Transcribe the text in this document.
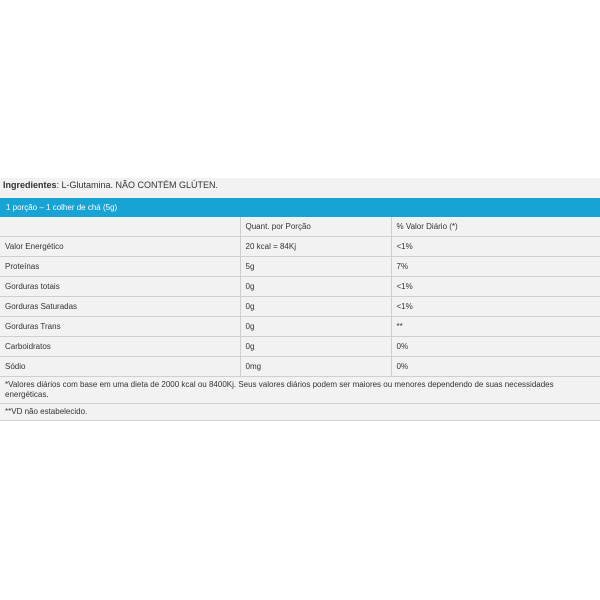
Ingredientes: L-Glutamina. NÃO CONTÉM GLÚTEN.
1 porção – 1 colher de chá (5g)
	Quant. por Porção	% Valor Diário (*)
Valor Energético	20 kcal = 84Kj	<1%
Proteínas	5g	7%
Gorduras totais	0g	<1%
Gorduras Saturadas	0g	<1%
Gorduras Trans	0g	**
Carboidratos	0g	0%
Sódio	0mg	0%
*Valores diários com base em uma dieta de 2000 kcal ou 8400Kj. Seus valores diários podem ser maiores ou menores dependendo de suas necessidades energéticas.
**VD não estabelecido.
